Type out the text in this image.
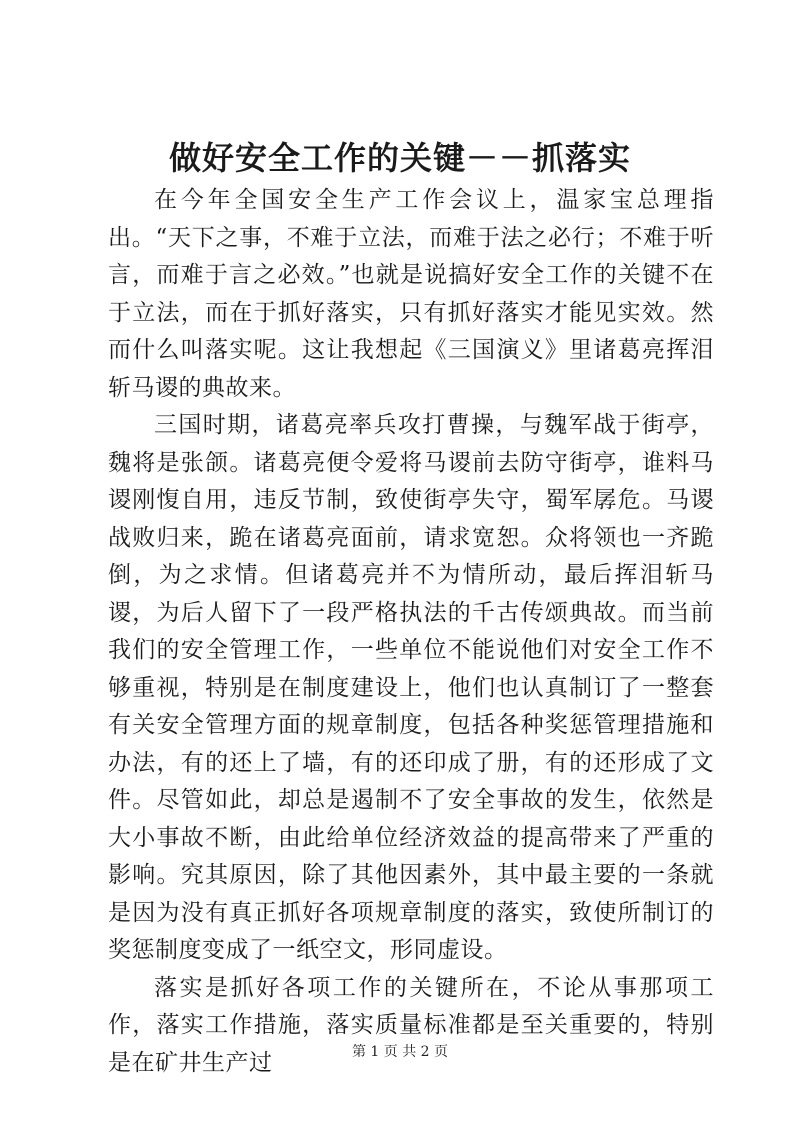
做好安全工作的关键－－抓落实

在今年全国安全生产工作会议上，温家宝总理指出。“天下之事，不难于立法，而难于法之必行；不难于听言，而难于言之必效。”也就是说搞好安全工作的关键不在于立法，而在于抓好落实，只有抓好落实才能见实效。然而什么叫落实呢。这让我想起《三国演义》里诸葛亮挥泪斩马谡的典故来。

三国时期，诸葛亮率兵攻打曹操，与魏军战于街亭，魏将是张颌。诸葛亮便令爱将马谡前去防守街亭，谁料马谡刚愎自用，违反节制，致使街亭失守，蜀军孱危。马谡战败归来，跪在诸葛亮面前，请求宽恕。众将领也一齐跪倒，为之求情。但诸葛亮并不为情所动，最后挥泪斩马谡，为后人留下了一段严格执法的千古传颂典故。而当前我们的安全管理工作，一些单位不能说他们对安全工作不够重视，特别是在制度建设上，他们也认真制订了一整套有关安全管理方面的规章制度，包括各种奖惩管理措施和办法，有的还上了墙，有的还印成了册，有的还形成了文件。尽管如此，却总是遏制不了安全事故的发生，依然是大小事故不断，由此给单位经济效益的提高带来了严重的影响。究其原因，除了其他因素外，其中最主要的一条就是因为没有真正抓好各项规章制度的落实，致使所制订的奖惩制度变成了一纸空文，形同虚设。

落实是抓好各项工作的关键所在，不论从事那项工作，落实工作措施，落实质量标准都是至关重要的，特别是在矿井生产过	第 1 页 共 2 页
